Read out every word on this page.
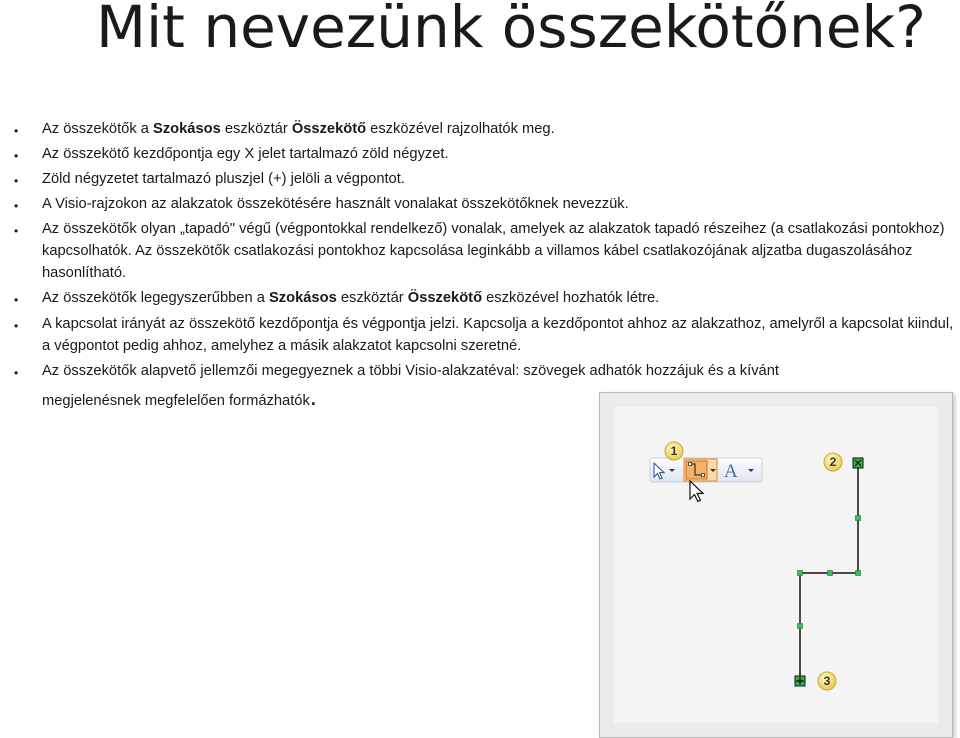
Mit nevezünk összekötőnek?
• Az összekötők a Szokásos eszköztár Összekötő eszközével rajzolhatók meg.
• Az összekötő kezdőpontja egy X jelet tartalmazó zöld négyzet.
• Zöld négyzetet tartalmazó pluszjel (+) jelöli a végpontot.
• A Visio-rajzokon az alakzatok összekötésére használt vonalakat összekötőknek nevezzük.
• Az összekötők olyan „tapadó" végű (végpontokkal rendelkező) vonalak, amelyek az alakzatok tapadó részeihez (a csatlakozási pontokhoz) kapcsolhatók. Az összekötők csatlakozási pontokhoz kapcsolása leginkább a villamos kábel csatlakozójának aljzatba dugaszolásához hasonlítható.
• Az összekötők legegyszerűbben a Szokásos eszköztár Összekötő eszközével hozhatók létre.
• A kapcsolat irányát az összekötő kezdőpontja és végpontja jelzi. Kapcsolja a kezdőpontot ahhoz az alakzathoz, amelyről a kapcsolat kiindul, a végpontot pedig ahhoz, amelyhez a másik alakzatot kapcsolni szeretné.
• Az összekötők alapvető jellemzői megegyeznek a többi Visio-alakzatéval: szövegek adhatók hozzájuk és a kívánt
megjelenésnek megfelelően formázhatók.
A
1
2
3
